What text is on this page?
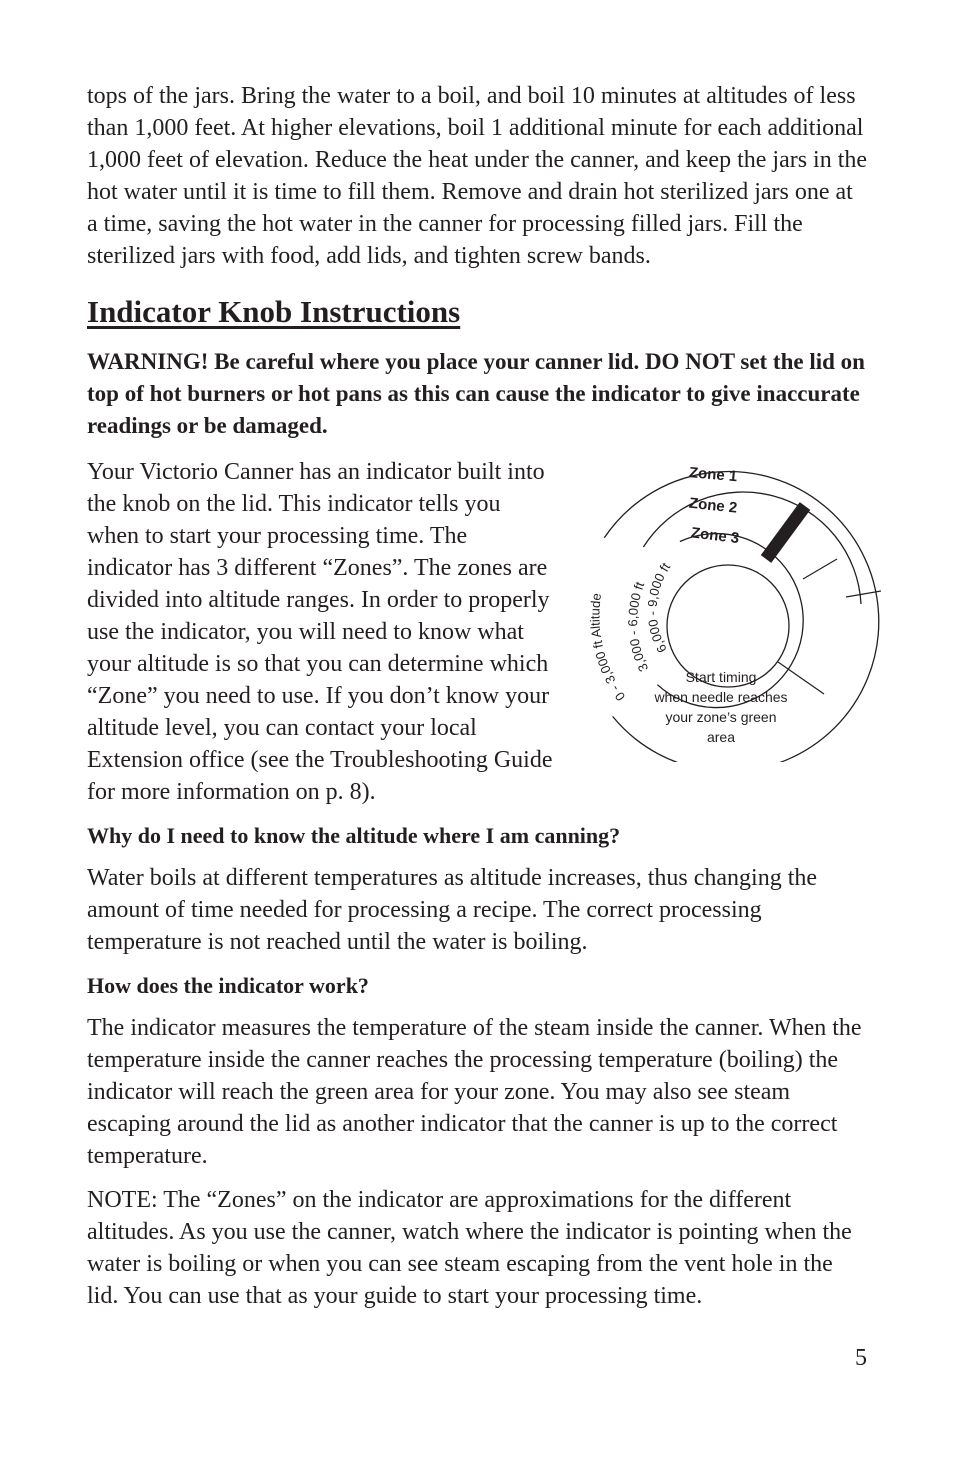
tops of the jars. Bring the water to a boil, and boil 10 minutes at altitudes of less than 1,000 feet. At higher elevations, boil 1 additional minute for each additional 1,000 feet of elevation. Reduce the heat under the canner, and keep the jars in the hot water until it is time to fill them. Remove and drain hot sterilized jars one at a time, saving the hot water in the canner for processing filled jars. Fill the sterilized jars with food, add lids, and tighten screw bands.

Indicator Knob Instructions

WARNING! Be careful where you place your canner lid. DO NOT set the lid on top of hot burners or hot pans as this can cause the indicator to give inaccurate readings or be damaged.

Zone 1
Zone 2
Zone 3
0 - 3,000 ft Altitude
3,000 - 6,000 ft
6,000 - 9,000 ft
Start timing
when needle reaches
your zone’s green
area

Your Victorio Canner has an indicator built into the knob on the lid. This indicator tells you when to start your processing time. The indicator has 3 different “Zones”. The zones are divided into altitude ranges. In order to properly use the indicator, you will need to know what your altitude is so that you can determine which “Zone” you need to use. If you don’t know your altitude level, you can contact your local Extension office (see the Troubleshooting Guide for more information on p. 8).

Why do I need to know the altitude where I am canning?

Water boils at different temperatures as altitude increases, thus changing the amount of time needed for processing a recipe. The correct processing temperature is not reached until the water is boiling.

How does the indicator work?

The indicator measures the temperature of the steam inside the canner. When the temperature inside the canner reaches the processing temperature (boiling) the indicator will reach the green area for your zone. You may also see steam escaping around the lid as another indicator that the canner is up to the correct temperature.

NOTE: The “Zones” on the indicator are approximations for the different altitudes. As you use the canner, watch where the indicator is pointing when the water is boiling or when you can see steam escaping from the vent hole in the lid. You can use that as your guide to start your processing time.

5
